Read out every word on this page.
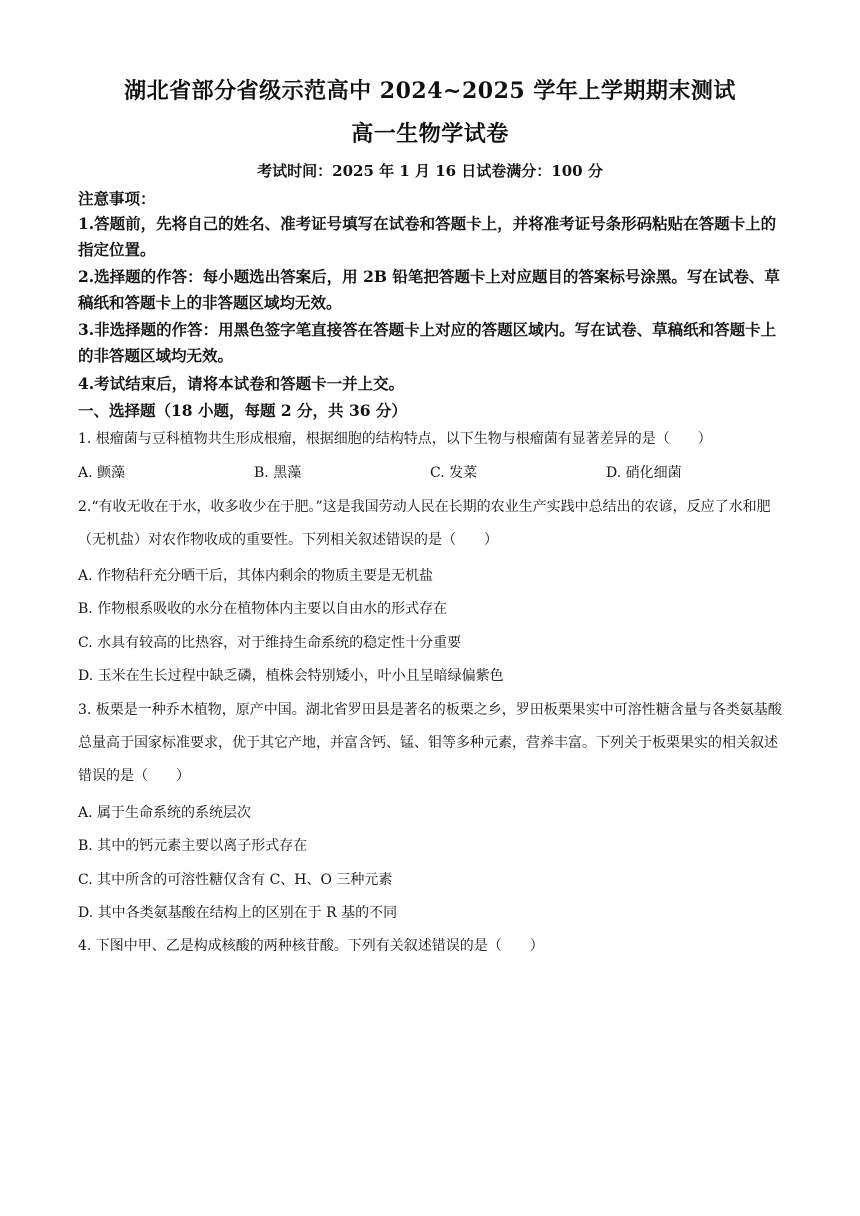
湖北省部分省级示范高中 2024~2025 学年上学期期末测试
高一生物学试卷
考试时间：2025 年 1 月 16 日试卷满分：100 分
注意事项：
1.答题前，先将自己的姓名、准考证号填写在试卷和答题卡上，并将准考证号条形码粘贴在答题卡上的指定位置。
2.选择题的作答：每小题选出答案后，用 2B 铅笔把答题卡上对应题目的答案标号涂黑。写在试卷、草稿纸和答题卡上的非答题区域均无效。
3.非选择题的作答：用黑色签字笔直接答在答题卡上对应的答题区域内。写在试卷、草稿纸和答题卡上的非答题区域均无效。
4.考试结束后，请将本试卷和答题卡一并上交。
一、选择题（18 小题，每题 2 分，共 36 分）
1. 根瘤菌与豆科植物共生形成根瘤，根据细胞的结构特点，以下生物与根瘤菌有显著差异的是（　　）
A. 颤藻	B. 黑藻	C. 发菜	D. 硝化细菌
2.“有收无收在于水，收多收少在于肥。”这是我国劳动人民在长期的农业生产实践中总结出的农谚，反应了水和肥（无机盐）对农作物收成的重要性。下列相关叙述错误的是（　　）
A. 作物秸秆充分晒干后，其体内剩余的物质主要是无机盐
B. 作物根系吸收的水分在植物体内主要以自由水的形式存在
C. 水具有较高的比热容，对于维持生命系统的稳定性十分重要
D. 玉米在生长过程中缺乏磷，植株会特别矮小，叶小且呈暗绿偏紫色
3. 板栗是一种乔木植物，原产中国。湖北省罗田县是著名的板栗之乡，罗田板栗果实中可溶性糖含量与各类氨基酸总量高于国家标准要求，优于其它产地，并富含钙、锰、钼等多种元素，营养丰富。下列关于板栗果实的相关叙述错误的是（　　）
A. 属于生命系统的系统层次
B. 其中的钙元素主要以离子形式存在
C. 其中所含的可溶性糖仅含有 C、H、O 三种元素
D. 其中各类氨基酸在结构上的区别在于 R 基的不同
4. 下图中甲、乙是构成核酸的两种核苷酸。下列有关叙述错误的是（　　）
